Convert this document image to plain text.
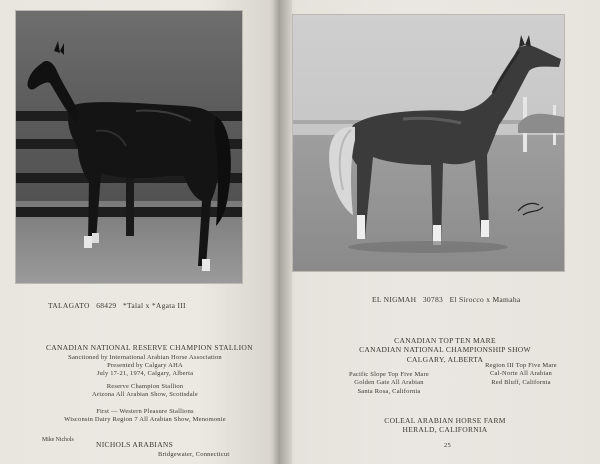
TALAGATO 68429 *Talal x *Agata III
CANADIAN NATIONAL RESERVE CHAMPION STALLION
Sanctioned by International Arabian Horse Association
Presented by Calgary AHA
July 17-21, 1974, Calgary, Alberta
Reserve Champion Stallion
Arizona All Arabian Show, Scottsdale
First — Western Pleasure Stallions
Wisconsin Dairy Region 7 All Arabian Show, Menomonie
Mike Nichols	NICHOLS ARABIANS
Bridgewater, Connecticut
EL NIGMAH 30783 El Sirocco x Mamaha
CANADIAN TOP TEN MARE
CANADIAN NATIONAL CHAMPIONSHIP SHOW
CALGARY, ALBERTA
Pacific Slope Top Five Mare
Golden Gate All Arabian
Santa Rosa, California
Region III Top Five Mare
Cal-Norte All Arabian
Red Bluff, California
COLEAL ARABIAN HORSE FARM
HERALD, CALIFORNIA
25
